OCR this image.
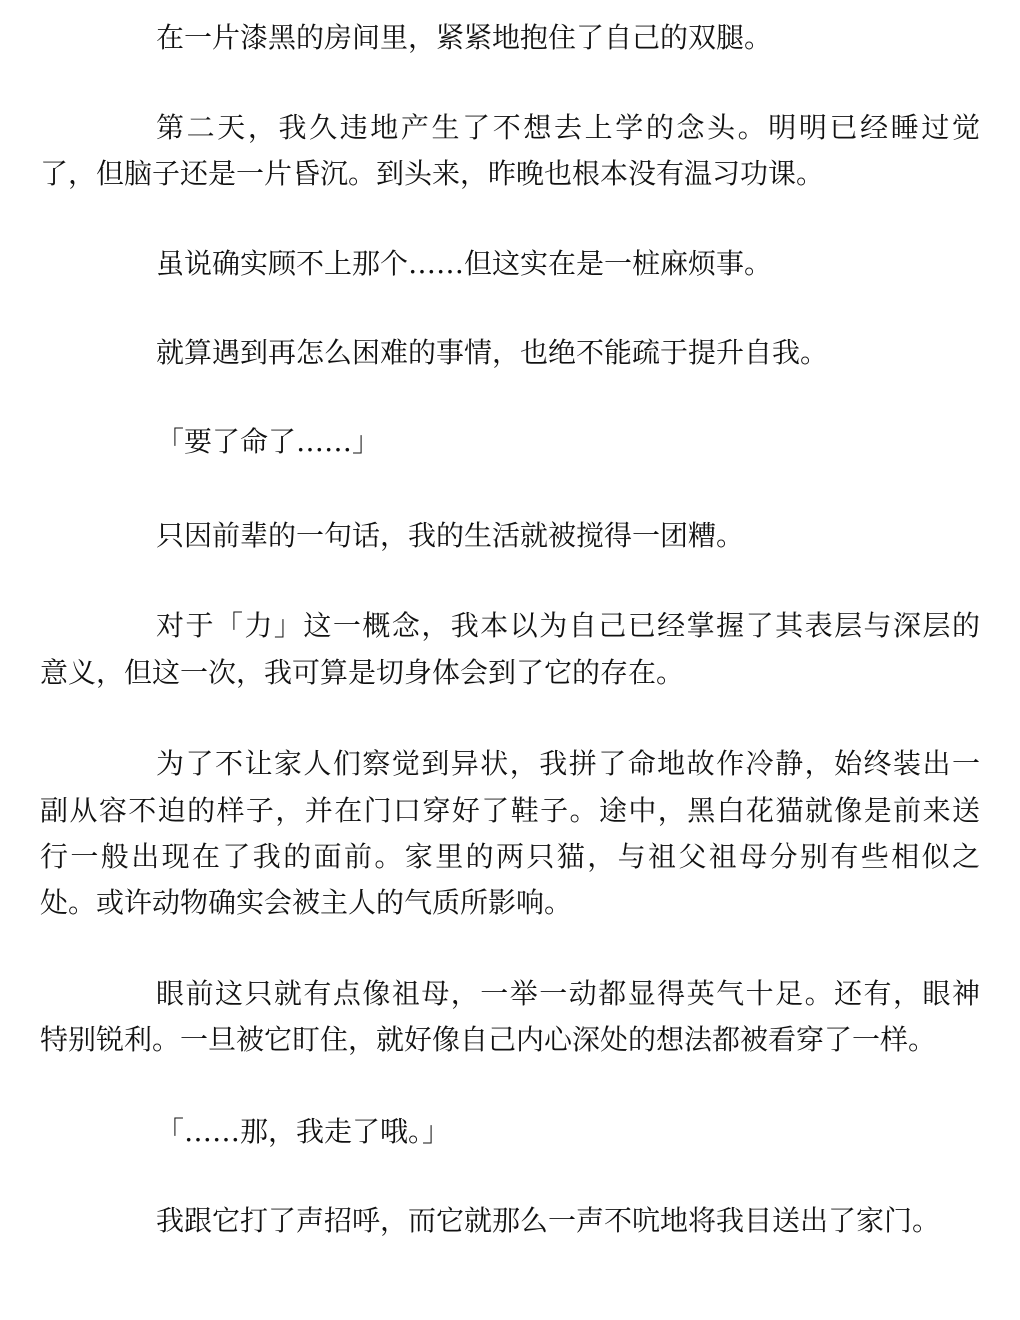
在一片漆黑的房间里，紧紧地抱住了自己的双腿。

第二天，我久违地产生了不想去上学的念头。明明已经睡过觉

了，但脑子还是一片昏沉。到头来，昨晚也根本没有温习功课。

虽说确实顾不上那个……但这实在是一桩麻烦事。

就算遇到再怎么困难的事情，也绝不能疏于提升自我。

「要了命了……」

只因前辈的一句话，我的生活就被搅得一团糟。

对于「力」这一概念，我本以为自己已经掌握了其表层与深层的

意义，但这一次，我可算是切身体会到了它的存在。

为了不让家人们察觉到异状，我拼了命地故作冷静，始终装出一

副从容不迫的样子，并在门口穿好了鞋子。途中，黑白花猫就像是前来送

行一般出现在了我的面前。家里的两只猫，与祖父祖母分别有些相似之

处。或许动物确实会被主人的气质所影响。

眼前这只就有点像祖母，一举一动都显得英气十足。还有，眼神

特别锐利。一旦被它盯住，就好像自己内心深处的想法都被看穿了一样。

「……那，我走了哦。」

我跟它打了声招呼，而它就那么一声不吭地将我目送出了家门。
